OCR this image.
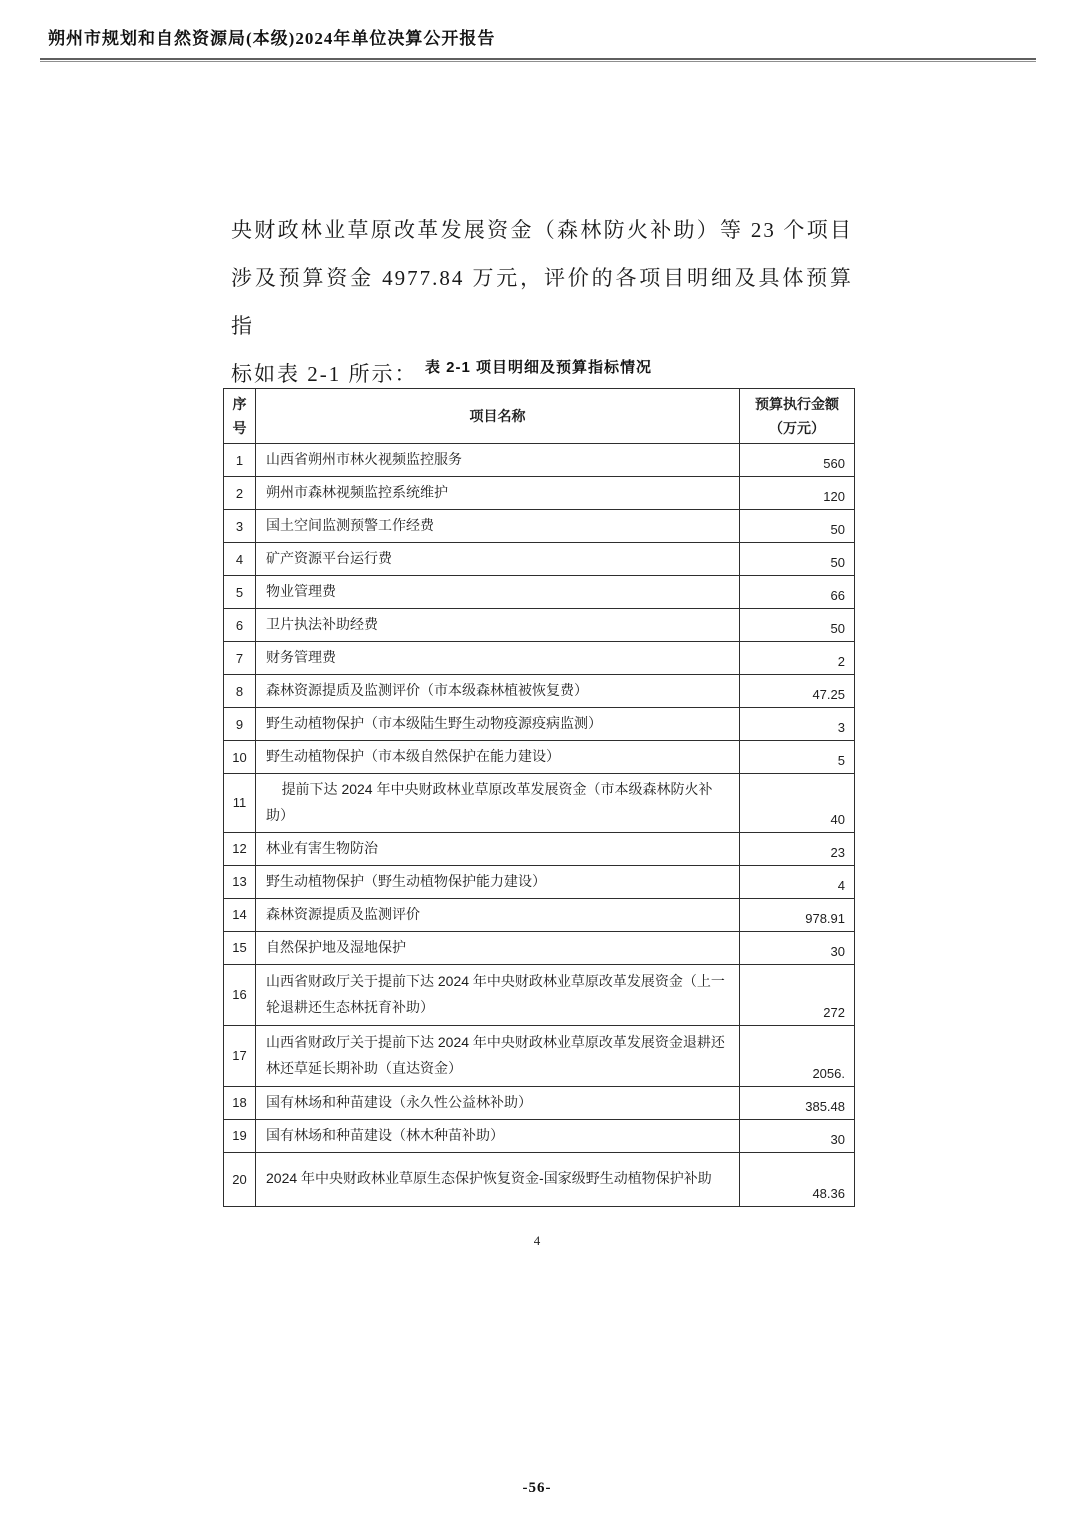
朔州市规划和自然资源局(本级)2024年单位决算公开报告
央财政林业草原改革发展资金（森林防火补助）等 23 个项目
涉及预算资金 4977.84 万元，评价的各项目明细及具体预算指
标如表 2-1 所示： 表 2-1 项目明细及预算指标情况
序号	项目名称	预算执行金额（万元）
1	山西省朔州市林火视频监控服务	560
2	朔州市森林视频监控系统维护	120
3	国土空间监测预警工作经费	50
4	矿产资源平台运行费	50
5	物业管理费	66
6	卫片执法补助经费	50
7	财务管理费	2
8	森林资源提质及监测评价（市本级森林植被恢复费）	47.25
9	野生动植物保护（市本级陆生野生动物疫源疫病监测）	3
10	野生动植物保护（市本级自然保护在能力建设）	5
11	提前下达 2024 年中央财政林业草原改革发展资金（市本级森林防火补助）	40
12	林业有害生物防治	23
13	野生动植物保护（野生动植物保护能力建设）	4
14	森林资源提质及监测评价	978.91
15	自然保护地及湿地保护	30
16	山西省财政厅关于提前下达 2024 年中央财政林业草原改革发展资金（上一轮退耕还生态林抚育补助）	272
17	山西省财政厅关于提前下达 2024 年中央财政林业草原改革发展资金退耕还林还草延长期补助（直达资金）	2056.
18	国有林场和种苗建设（永久性公益林补助）	385.48
19	国有林场和种苗建设（林木种苗补助）	30
20	2024 年中央财政林业草原生态保护恢复资金-国家级野生动植物保护补助	48.36
4
-56-
